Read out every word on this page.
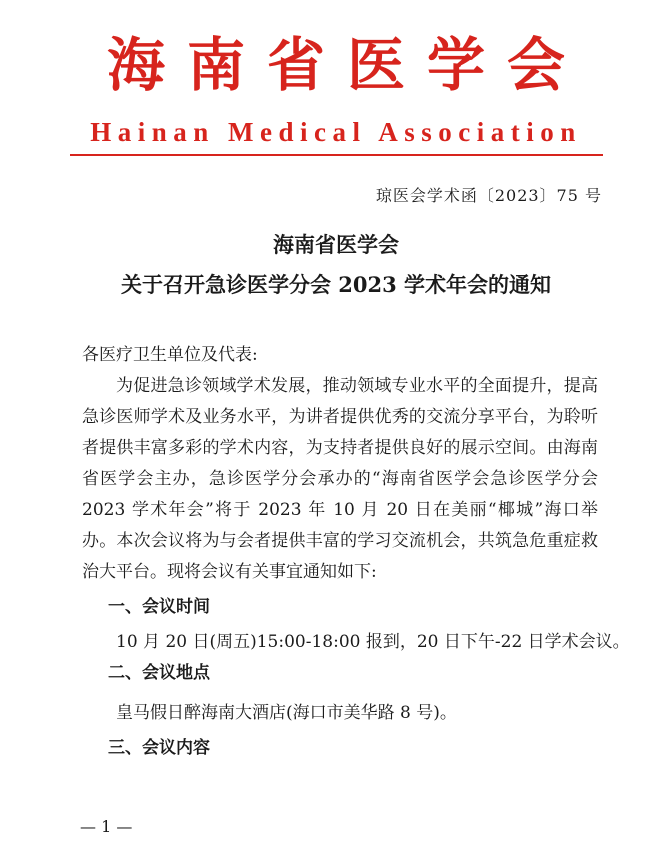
海南省医学会
Hainan Medical Association
琼医会学术函〔2023〕75 号
海南省医学会
关于召开急诊医学分会 2023 学术年会的通知
各医疗卫生单位及代表:
为促进急诊领域学术发展，推动领域专业水平的全面提升，提高急诊医师学术及业务水平，为讲者提供优秀的交流分享平台，为聆听者提供丰富多彩的学术内容，为支持者提供良好的展示空间。由海南省医学会主办，急诊医学分会承办的“海南省医学会急诊医学分会 2023 学术年会”将于 2023 年 10 月 20 日在美丽“椰城”海口举办。本次会议将为与会者提供丰富的学习交流机会，共筑急危重症救治大平台。现将会议有关事宜通知如下:
一、会议时间
10 月 20 日(周五)15:00-18:00 报到，20 日下午-22 日学术会议。
二、会议地点
皇马假日醉海南大酒店(海口市美华路 8 号)。
三、会议内容
— 1 —
